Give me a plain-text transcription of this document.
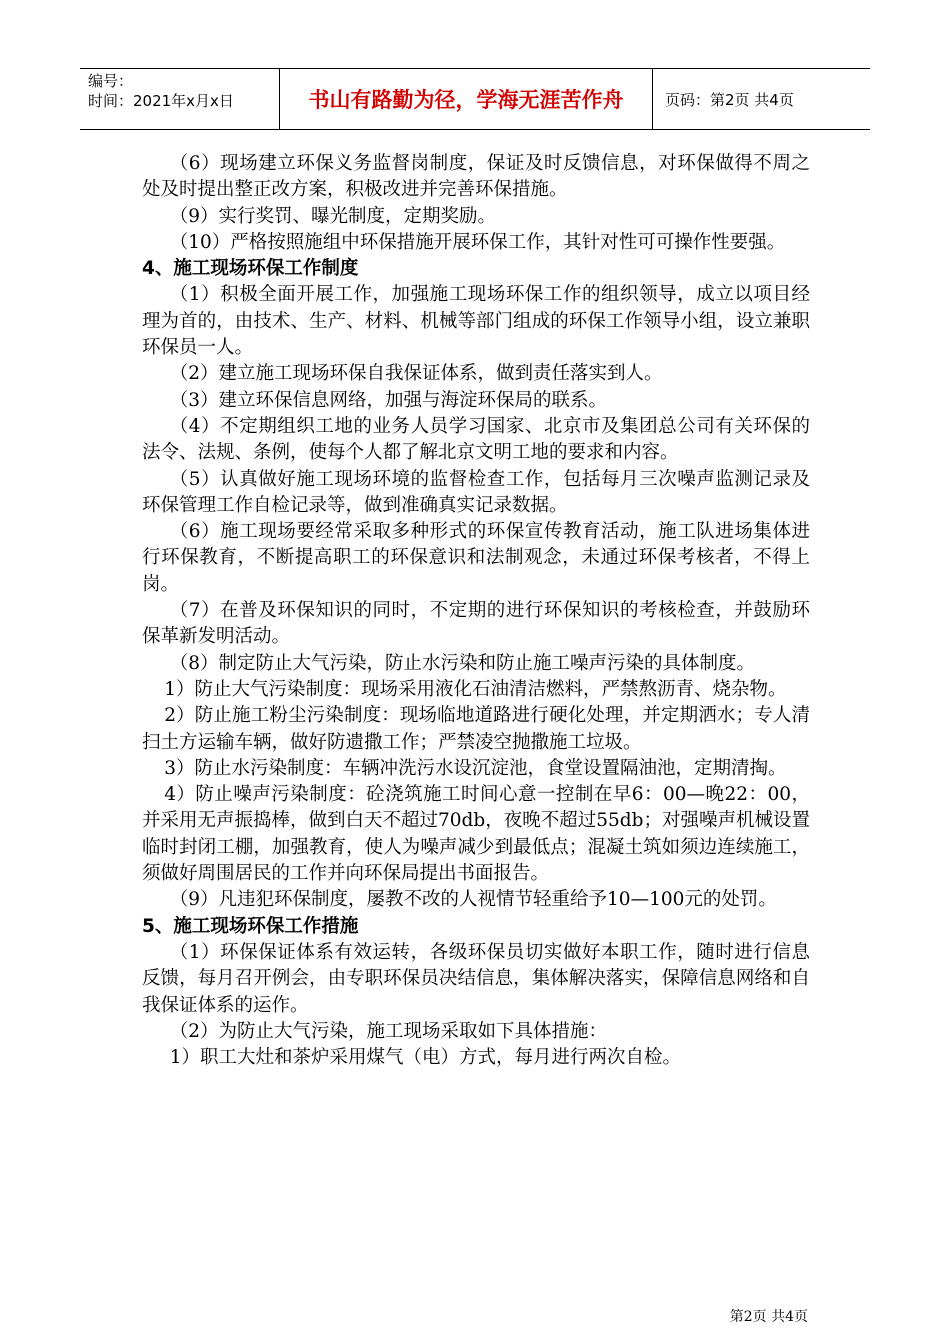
编号：
时间：2021年x月x日	书山有路勤为径，学海无涯苦作舟	页码：第2页 共4页

（6）现场建立环保义务监督岗制度，保证及时反馈信息，对环保做得不周之处及时提出整正改方案，积极改进并完善环保措施。

（9）实行奖罚、曝光制度，定期奖励。

（10）严格按照施组中环保措施开展环保工作，其针对性可可操作性要强。

4、施工现场环保工作制度

（1）积极全面开展工作，加强施工现场环保工作的组织领导，成立以项目经理为首的，由技术、生产、材料、机械等部门组成的环保工作领导小组，设立兼职环保员一人。

（2）建立施工现场环保自我保证体系，做到责任落实到人。

（3）建立环保信息网络，加强与海淀环保局的联系。

（4）不定期组织工地的业务人员学习国家、北京市及集团总公司有关环保的法令、法规、条例，使每个人都了解北京文明工地的要求和内容。

（5）认真做好施工现场环境的监督检查工作，包括每月三次噪声监测记录及环保管理工作自检记录等，做到准确真实记录数据。

（6）施工现场要经常采取多种形式的环保宣传教育活动，施工队进场集体进行环保教育，不断提高职工的环保意识和法制观念，未通过环保考核者，不得上岗。

（7）在普及环保知识的同时，不定期的进行环保知识的考核检查，并鼓励环保革新发明活动。

（8）制定防止大气污染，防止水污染和防止施工噪声污染的具体制度。

1）防止大气污染制度：现场采用液化石油清洁燃料，严禁熬沥青、烧杂物。

2）防止施工粉尘污染制度：现场临地道路进行硬化处理，并定期洒水；专人清扫土方运输车辆，做好防遗撒工作；严禁凌空抛撒施工垃圾。

3）防止水污染制度：车辆冲洗污水设沉淀池，食堂设置隔油池，定期清掏。

4）防止噪声污染制度：砼浇筑施工时间心意一控制在早6：00—晚22：00，并采用无声振捣棒，做到白天不超过70db，夜晚不超过55db；对强噪声机械设置临时封闭工棚，加强教育，使人为噪声减少到最低点；混凝土筑如须边连续施工，须做好周围居民的工作并向环保局提出书面报告。

（9）凡违犯环保制度，屡教不改的人视情节轻重给予10—100元的处罚。

5、施工现场环保工作措施

（1）环保保证体系有效运转，各级环保员切实做好本职工作，随时进行信息反馈，每月召开例会，由专职环保员决结信息，集体解决落实，保障信息网络和自我保证体系的运作。

（2）为防止大气污染，施工现场采取如下具体措施：

1）职工大灶和茶炉采用煤气（电）方式，每月进行两次自检。

第2页 共4页
